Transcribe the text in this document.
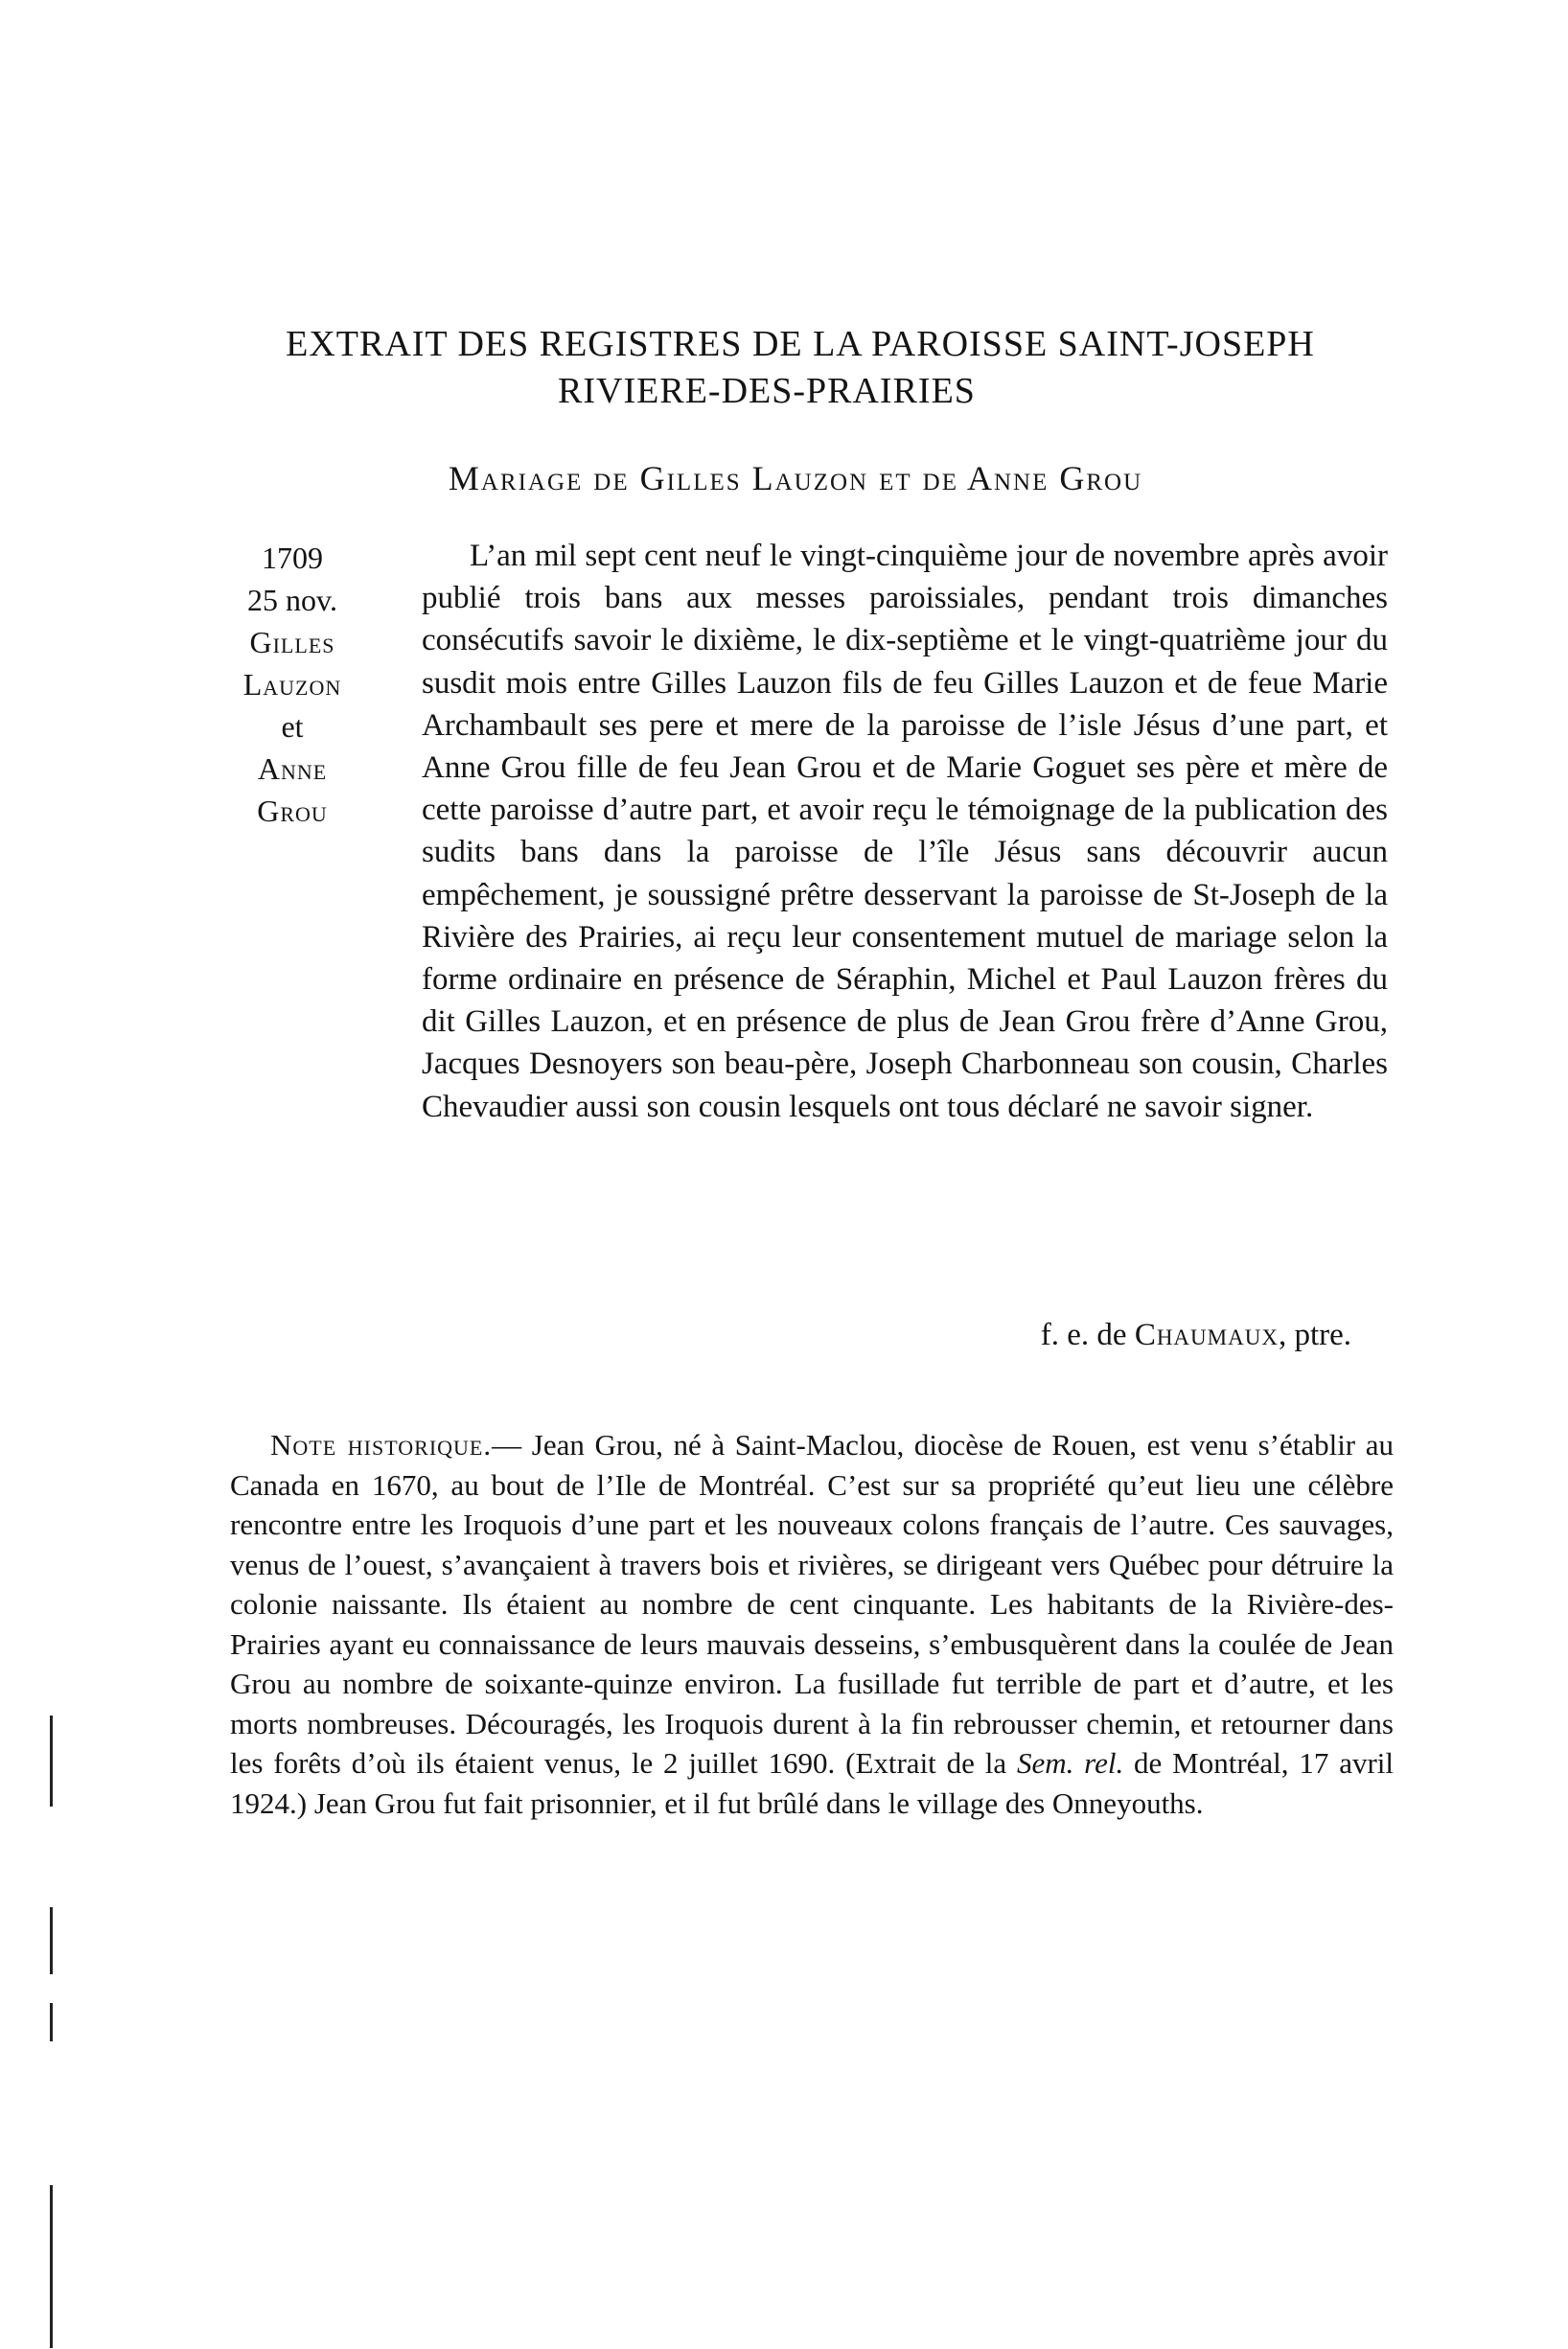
EXTRAIT DES REGISTRES DE LA PAROISSE SAINT-JOSEPH
RIVIERE-DES-PRAIRIES
Mariage de Gilles Lauzon et de Anne Grou
1709
25 nov.
Gilles
Lauzon
et
Anne
Grou

L’an mil sept cent neuf le vingt-cinquième jour de novembre après avoir publié trois bans aux messes paroissiales, pendant trois dimanches consécutifs savoir le dixième, le dix-septième et le vingt-quatrième jour du susdit mois entre Gilles Lauzon fils de feu Gilles Lauzon et de feue Marie Archambault ses pere et mere de la paroisse de l’isle Jésus d’une part, et Anne Grou fille de feu Jean Grou et de Marie Goguet ses père et mère de cette paroisse d’autre part, et avoir reçu le témoignage de la publication des sudits bans dans la paroisse de l’île Jésus sans découvrir aucun empêchement, je soussigné prêtre desservant la paroisse de St-Joseph de la Rivière des Prairies, ai reçu leur consentement mutuel de mariage selon la forme ordinaire en présence de Séraphin, Michel et Paul Lauzon frères du dit Gilles Lauzon, et en présence de plus de Jean Grou frère d’Anne Grou, Jacques Desnoyers son beau-père, Joseph Charbonneau son cousin, Charles Chevaudier aussi son cousin lesquels ont tous déclaré ne savoir signer.

f. e. de Chaumaux, ptre.

Note historique.— Jean Grou, né à Saint-Maclou, diocèse de Rouen, est venu s’établir au Canada en 1670, au bout de l’Ile de Montréal. C’est sur sa propriété qu’eut lieu une célèbre rencontre entre les Iroquois d’une part et les nouveaux colons français de l’autre. Ces sauvages, venus de l’ouest, s’avançaient à travers bois et rivières, se dirigeant vers Québec pour détruire la colonie naissante. Ils étaient au nombre de cent cinquante. Les habitants de la Rivière-des-Prairies ayant eu connaissance de leurs mauvais desseins, s’embusquèrent dans la coulée de Jean Grou au nombre de soixante-quinze environ. La fusillade fut terrible de part et d’autre, et les morts nombreuses. Découragés, les Iroquois durent à la fin rebrousser chemin, et retourner dans les forêts d’où ils étaient venus, le 2 juillet 1690. (Extrait de la Sem. rel. de Montréal, 17 avril 1924.) Jean Grou fut fait prisonnier, et il fut brûlé dans le village des Onneyouths.
